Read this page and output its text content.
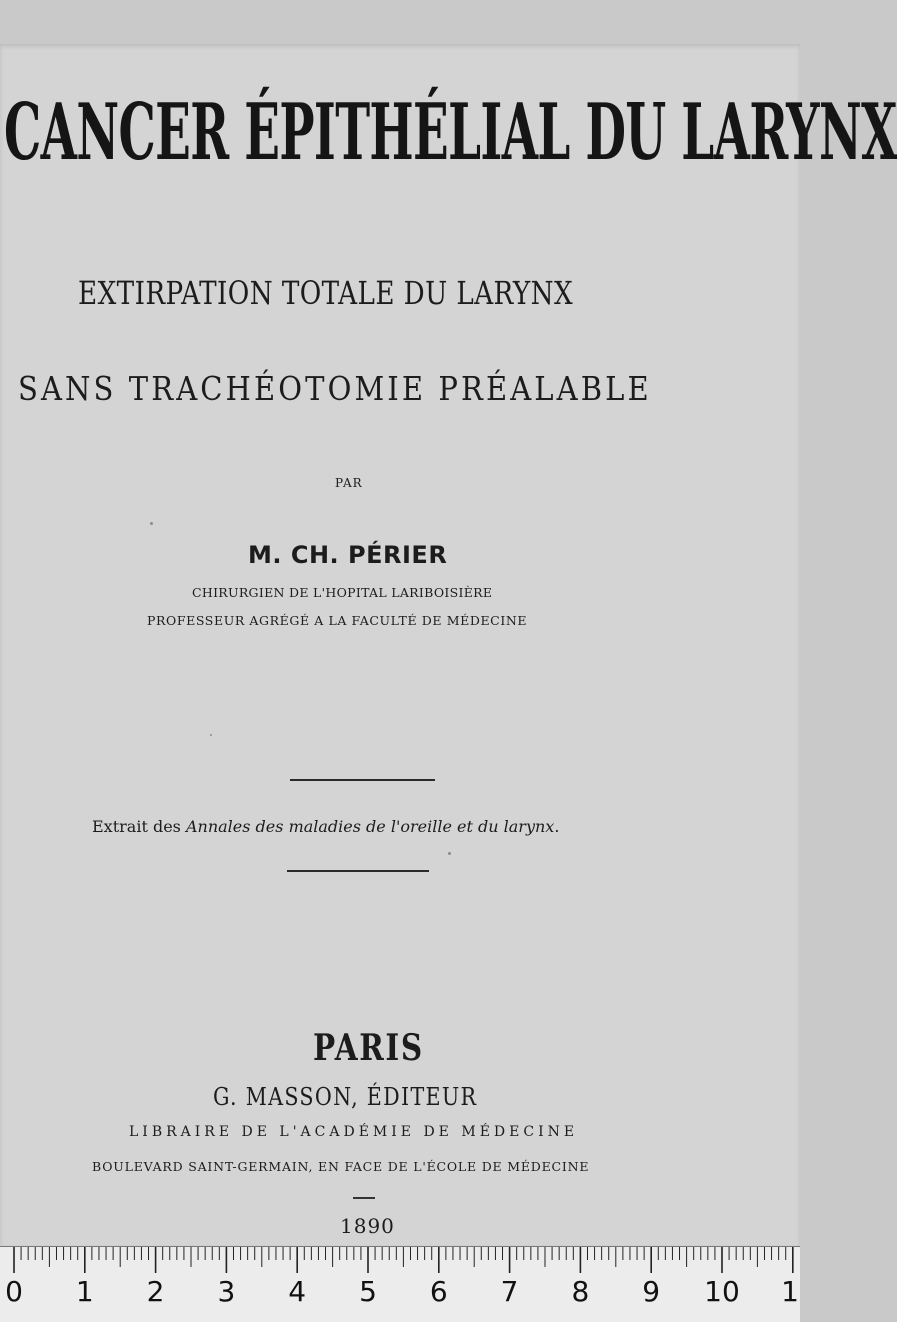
CANCER ÉPITHÉLIAL DU LARYNX
EXTIRPATION TOTALE DU LARYNX
SANS TRACHÉOTOMIE PRÉALABLE
PAR
M. CH. PÉRIER
CHIRURGIEN DE L'HOPITAL LARIBOISIÈRE
PROFESSEUR AGRÉGÉ A LA FACULTÉ DE MÉDECINE
Extrait des Annales des maladies de l'oreille et du larynx.
PARIS
G. MASSON, ÉDITEUR
LIBRAIRE DE L'ACADÉMIE DE MÉDECINE
BOULEVARD SAINT-GERMAIN, EN FACE DE L'ÉCOLE DE MÉDECINE
1890
0 1 2 3 4 5 6 7 8 9 10 1
